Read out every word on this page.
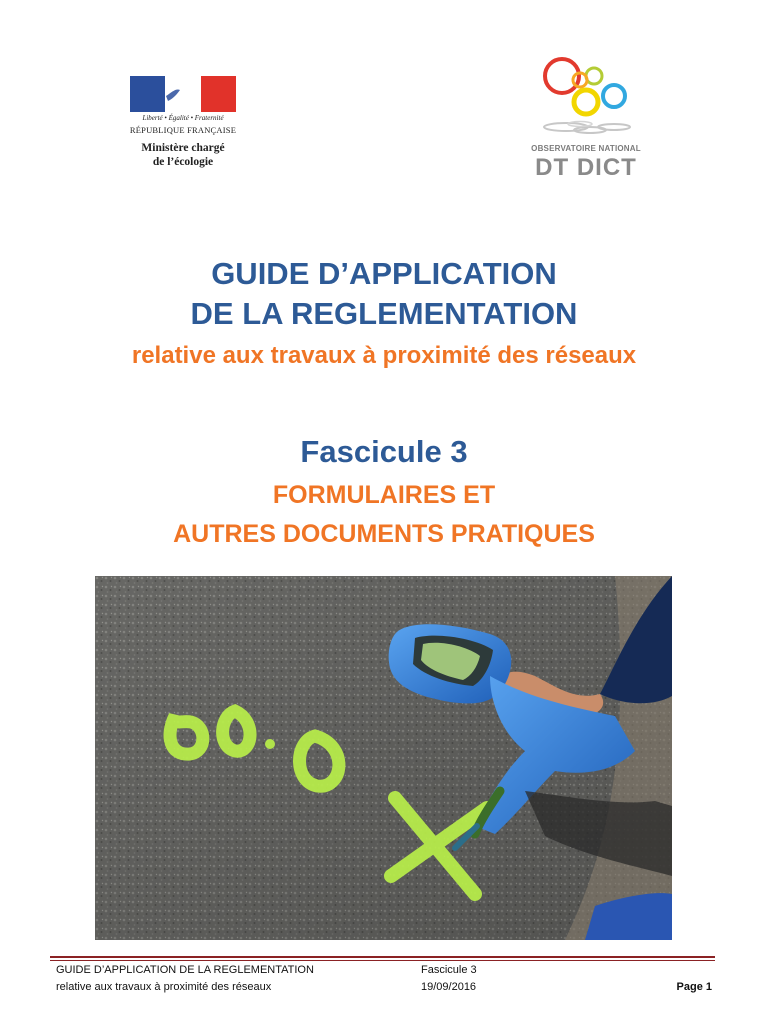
Liberté • Égalité • Fraternité
RÉPUBLIQUE FRANÇAISE
Ministère chargé
de l’écologie
OBSERVATOIRE NATIONAL
DT DICT
GUIDE D’APPLICATION
DE LA REGLEMENTATION
relative aux travaux à proximité des réseaux
Fascicule 3
FORMULAIRES ET
AUTRES DOCUMENTS PRATIQUES
GUIDE D’APPLICATION DE LA REGLEMENTATION
relative aux travaux à proximité des réseaux
Fascicule 3
19/09/2016	Page 1
